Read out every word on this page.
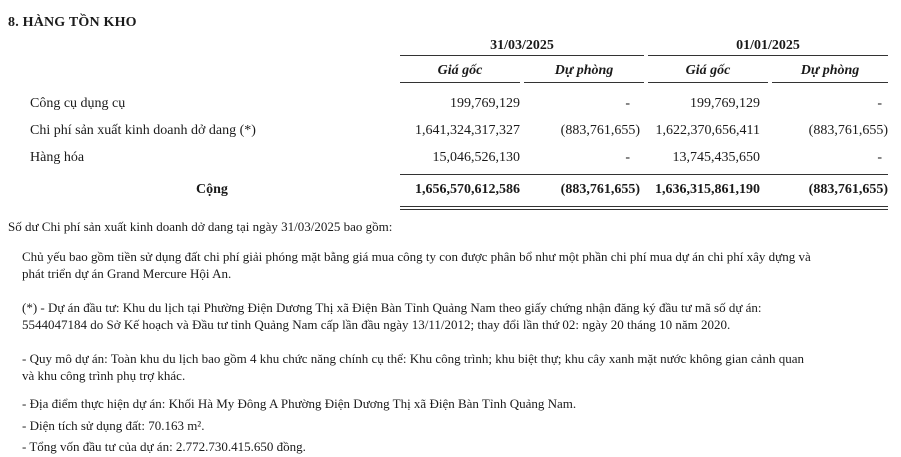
8. HÀNG TỒN KHO
31/03/2025	01/01/2025
Giá gốc	Dự phòng	Giá gốc	Dự phòng
Công cụ dụng cụ	199,769,129	-	199,769,129	-
Chi phí sản xuất kinh doanh dở dang (*)	1,641,324,317,327	(883,761,655)	1,622,370,656,411	(883,761,655)
Hàng hóa	15,046,526,130	-	13,745,435,650	-
Cộng	1,656,570,612,586	(883,761,655)	1,636,315,861,190	(883,761,655)
Số dư Chi phí sản xuất kinh doanh dở dang tại ngày 31/03/2025 bao gồm:
Chủ yếu bao gồm tiền sử dụng đất chi phí giải phóng mặt bằng giá mua công ty con được phân bổ như một phần chi phí mua dự án chi phí xây dựng và
phát triển dự án Grand Mercure Hội An.
(*) - Dự án đầu tư: Khu du lịch tại Phường Điện Dương Thị xã Điện Bàn Tỉnh Quảng Nam theo giấy chứng nhận đăng ký đầu tư mã số dự án:
5544047184 do Sở Kế hoạch và Đầu tư tỉnh Quảng Nam cấp lần đầu ngày 13/11/2012; thay đổi lần thứ 02: ngày 20 tháng 10 năm 2020.
- Quy mô dự án: Toàn khu du lịch bao gồm 4 khu chức năng chính cụ thể: Khu công trình; khu biệt thự; khu cây xanh mặt nước không gian cảnh quan
và khu công trình phụ trợ khác.
- Địa điểm thực hiện dự án: Khối Hà My Đông A Phường Điện Dương Thị xã Điện Bàn Tỉnh Quảng Nam.
- Diện tích sử dụng đất: 70.163 m².
- Tổng vốn đầu tư của dự án: 2.772.730.415.650 đồng.
